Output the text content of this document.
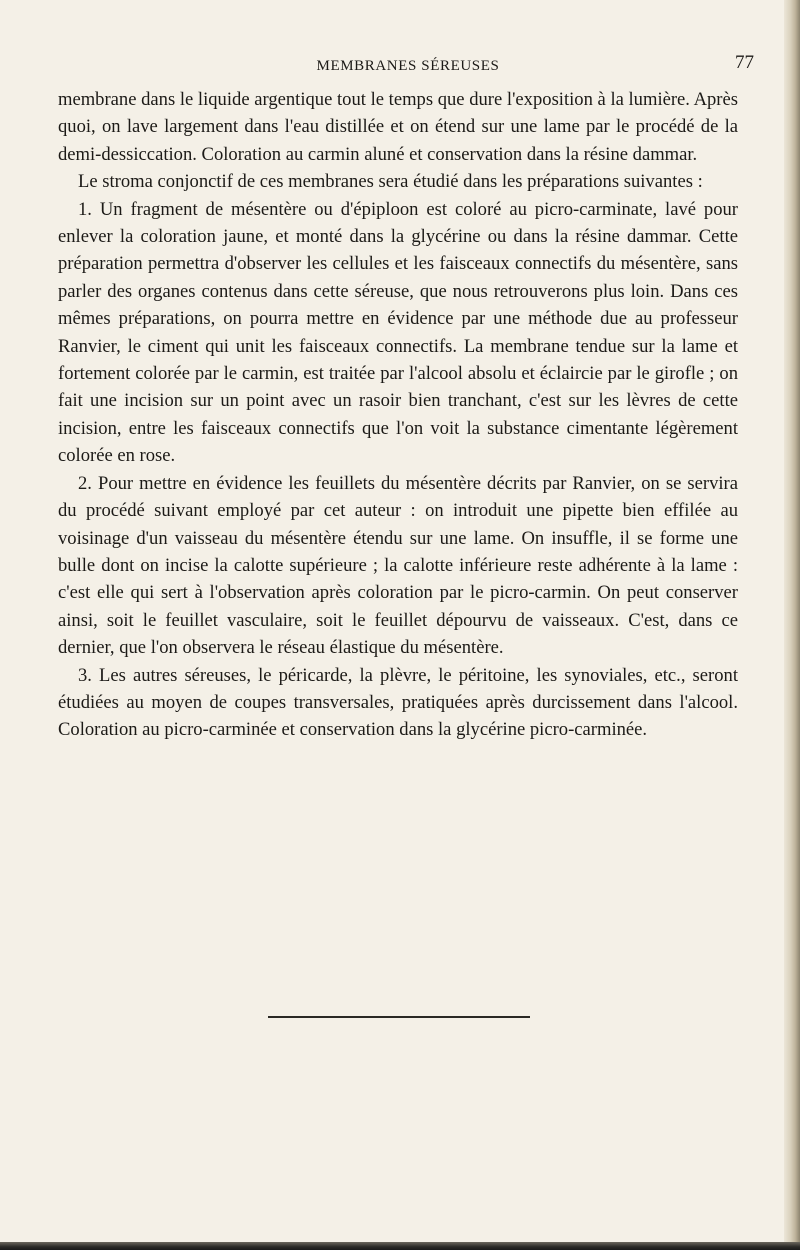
MEMBRANES SÉREUSES	77

membrane dans le liquide argentique tout le temps que dure l'exposition à la lumière. Après quoi, on lave largement dans l'eau distillée et on étend sur une lame par le procédé de la demi-dessiccation. Coloration au carmin aluné et conservation dans la résine dammar.

Le stroma conjonctif de ces membranes sera étudié dans les préparations suivantes :

1. Un fragment de mésentère ou d'épiploon est coloré au picro-carminate, lavé pour enlever la coloration jaune, et monté dans la glycérine ou dans la résine dammar. Cette préparation permettra d'observer les cellules et les faisceaux connectifs du mésentère, sans parler des organes contenus dans cette séreuse, que nous retrouverons plus loin. Dans ces mêmes préparations, on pourra mettre en évidence par une méthode due au professeur Ranvier, le ciment qui unit les faisceaux connectifs. La membrane tendue sur la lame et fortement colorée par le carmin, est traitée par l'alcool absolu et éclaircie par le girofle ; on fait une incision sur un point avec un rasoir bien tranchant, c'est sur les lèvres de cette incision, entre les faisceaux connectifs que l'on voit la substance cimentante légèrement colorée en rose.

2. Pour mettre en évidence les feuillets du mésentère décrits par Ranvier, on se servira du procédé suivant employé par cet auteur : on introduit une pipette bien effilée au voisinage d'un vaisseau du mésentère étendu sur une lame. On insuffle, il se forme une bulle dont on incise la calotte supérieure ; la calotte inférieure reste adhérente à la lame : c'est elle qui sert à l'observation après coloration par le picro-carmin. On peut conserver ainsi, soit le feuillet vasculaire, soit le feuillet dépourvu de vaisseaux. C'est, dans ce dernier, que l'on observera le réseau élastique du mésentère.

3. Les autres séreuses, le péricarde, la plèvre, le péritoine, les synoviales, etc., seront étudiées au moyen de coupes transversales, pratiquées après durcissement dans l'alcool. Coloration au picro-carminée et conservation dans la glycérine picro-carminée.
